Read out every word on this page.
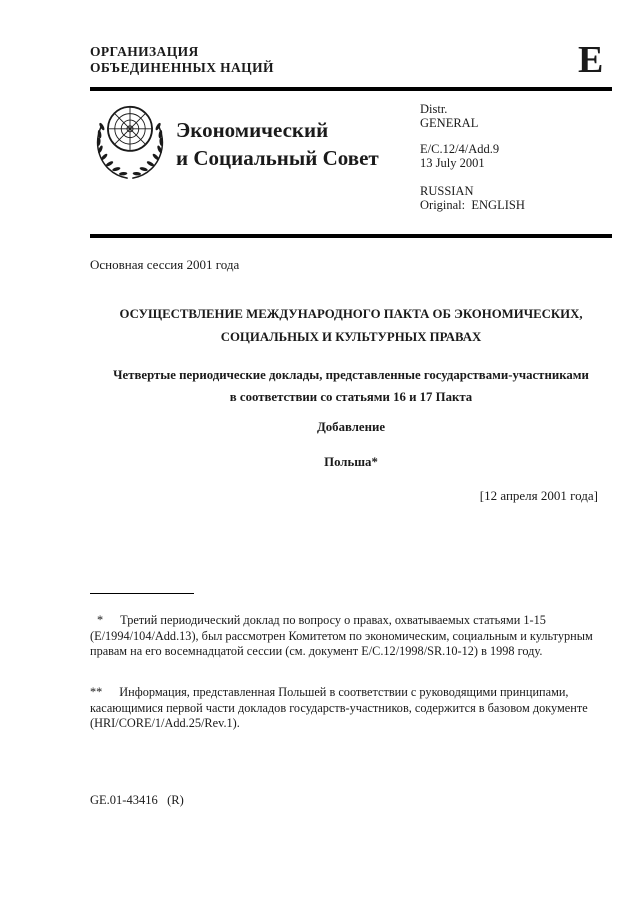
ОРГАНИЗАЦИЯ
ОБЪЕДИНЕННЫХ НАЦИЙ	E
Экономический
и Социальный Совет
Distr.
GENERAL
E/C.12/4/Add.9
13 July 2001
RUSSIAN
Original:  ENGLISH
Основная сессия 2001 года
ОСУЩЕСТВЛЕНИЕ МЕЖДУНАРОДНОГО ПАКТА ОБ ЭКОНОМИЧЕСКИХ,
СОЦИАЛЬНЫХ И КУЛЬТУРНЫХ ПРАВАХ
Четвертые периодические доклады, представленные государствами-участниками
в соответствии со статьями 16 и 17 Пакта
Добавление
Польша*
[12 апреля 2001 года]

* Третий периодический доклад по вопросу о правах, охватываемых статьями 1-15 (E/1994/104/Add.13), был рассмотрен Комитетом по экономическим, социальным и культурным правам на его восемнадцатой сессии (см. документ E/C.12/1998/SR.10-12) в 1998 году.

** Информация, представленная Польшей в соответствии с руководящими принципами, касающимися первой части докладов государств-участников, содержится в базовом документе (HRI/CORE/1/Add.25/Rev.1).

GE.01-43416   (R)
